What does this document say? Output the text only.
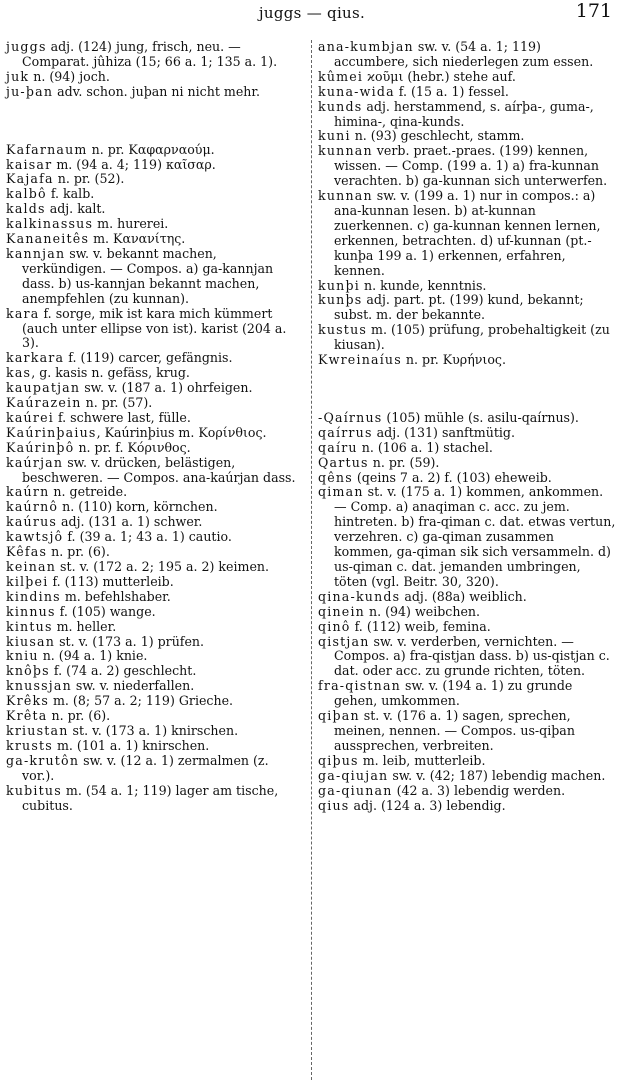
juggs — qius.	171

juggs adj. (124) jung, frisch, neu. — Comparat. jûhiza (15; 66 a. 1; 135 a. 1).

juk n. (94) joch.

ju-þan adv. schon. juþan ni nicht mehr.

Kafarnaum n. pr. Καφαρναούμ.

kaisar m. (94 a. 4; 119) καῖσαρ.

Kajafa n. pr. (52).

kalbô f. kalb.

kalds adj. kalt.

kalkinassus m. hurerei.

Kananeitês m. Κανανίτης.

kannjan sw. v. bekannt machen, verkündigen. — Compos. a) ga-kannjan dass. b) us-kannjan bekannt machen, anempfehlen (zu kunnan).

kara f. sorge, mik ist kara mich kümmert (auch unter ellipse von ist). karist (204 a. 3).

karkara f. (119) carcer, gefängnis.

kas, g. kasis n. gefäss, krug.

kaupatjan sw. v. (187 a. 1) ohrfeigen.

Kaúrazein n. pr. (57).

kaúrei f. schwere last, fülle.

Kaúrinþaius, Kaúrinþius m. Κορίνθιος.

Kaúrinþô n. pr. f. Κόρινθος.

kaúrjan sw. v. drücken, belästigen, beschweren. — Compos. ana-kaúrjan dass.

kaúrn n. getreide.

kaúrnô n. (110) korn, körnchen.

kaúrus adj. (131 a. 1) schwer.

kawtsjô f. (39 a. 1; 43 a. 1) cautio.

Kêfas n. pr. (6).

keinan st. v. (172 a. 2; 195 a. 2) keimen.

kilþei f. (113) mutterleib.

kindins m. befehlshaber.

kinnus f. (105) wange.

kintus m. heller.

kiusan st. v. (173 a. 1) prüfen.

kniu n. (94 a. 1) knie.

knôþs f. (74 a. 2) geschlecht.

knussjan sw. v. niederfallen.

Krêks m. (8; 57 a. 2; 119) Grieche.

Krêta n. pr. (6).

kriustan st. v. (173 a. 1) knirschen.

krusts m. (101 a. 1) knirschen.

ga-krutôn sw. v. (12 a. 1) zermalmen (z. vor.).

kubitus m. (54 a. 1; 119) lager am tische, cubitus.

ana-kumbjan sw. v. (54 a. 1; 119) accumbere, sich niederlegen zum essen.

kûmei ϰοῦμι (hebr.) stehe auf.

kuna-wida f. (15 a. 1) fessel.

kunds adj. herstammend, s. aírþa-, guma-, himina-, qina-kunds.

kuni n. (93) geschlecht, stamm.

kunnan verb. praet.-praes. (199) kennen, wissen. — Comp. (199 a. 1) a) fra-kunnan verachten. b) ga-kunnan sich unterwerfen.

kunnan sw. v. (199 a. 1) nur in compos.: a) ana-kunnan lesen. b) at-kunnan zuerkennen. c) ga-kunnan kennen lernen, erkennen, betrachten. d) uf-kunnan (pt.-kunþa 199 a. 1) erkennen, erfahren, kennen.

kunþi n. kunde, kenntnis.

kunþs adj. part. pt. (199) kund, bekannt; subst. m. der bekannte.

kustus m. (105) prüfung, probehaltigkeit (zu kiusan).

Kwreinaíus n. pr. Κυρήνιος.

-Qaírnus (105) mühle (s. asilu-qaírnus).

qaírrus adj. (131) sanftmütig.

qaíru n. (106 a. 1) stachel.

Qartus n. pr. (59).

qêns (qeins 7 a. 2) f. (103) eheweib.

qiman st. v. (175 a. 1) kommen, ankommen. — Comp. a) anaqiman c. acc. zu jem. hintreten. b) fra-qiman c. dat. etwas vertun, verzehren. c) ga-qiman zusammen kommen, ga-qiman sik sich versammeln. d) us-qiman c. dat. jemanden umbringen, töten (vgl. Beitr. 30, 320).

qina-kunds adj. (88a) weiblich.

qinein n. (94) weibchen.

qinô f. (112) weib, femina.

qistjan sw. v. verderben, vernichten. — Compos. a) fra-qistjan dass. b) us-qistjan c. dat. oder acc. zu grunde richten, töten.

fra-qistnan sw. v. (194 a. 1) zu grunde gehen, umkommen.

qiþan st. v. (176 a. 1) sagen, sprechen, meinen, nennen. — Compos. us-qiþan aussprechen, verbreiten.

qiþus m. leib, mutterleib.

ga-qiujan sw. v. (42; 187) lebendig machen.

ga-qiunan (42 a. 3) lebendig werden.

qius adj. (124 a. 3) lebendig.
